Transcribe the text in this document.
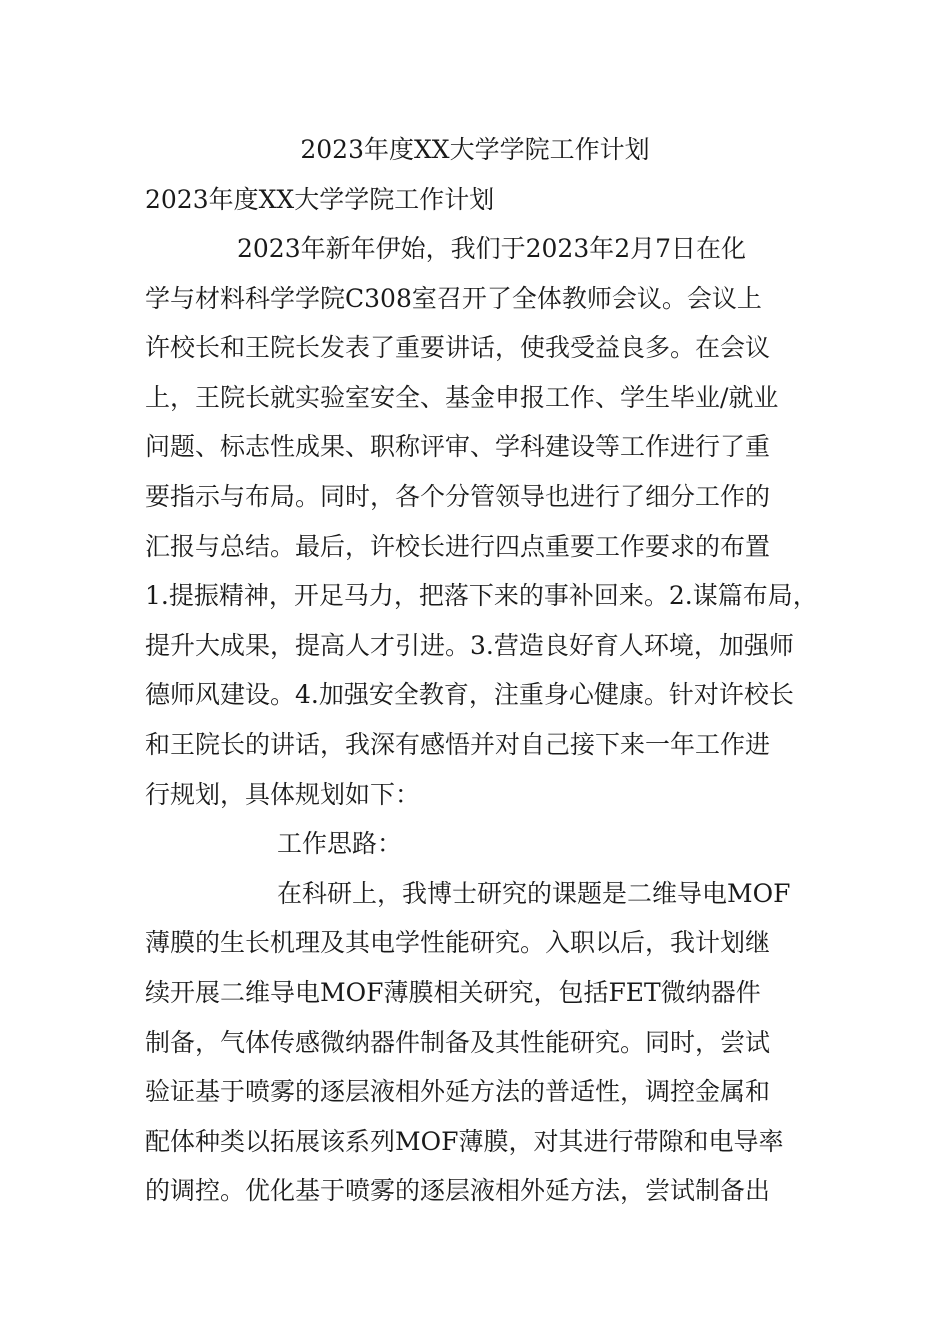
2023年度XX大学学院工作计划
2023年度XX大学学院工作计划
2023年新年伊始，我们于2023年2月7日在化
学与材料科学学院C308室召开了全体教师会议。会议上
许校长和王院长发表了重要讲话，使我受益良多。在会议
上，王院长就实验室安全、基金申报工作、学生毕业/就业
问题、标志性成果、职称评审、学科建设等工作进行了重
要指示与布局。同时，各个分管领导也进行了细分工作的
汇报与总结。最后，许校长进行四点重要工作要求的布置
1.提振精神，开足马力，把落下来的事补回来。2.谋篇布局，
提升大成果，提高人才引进。3.营造良好育人环境，加强师
德师风建设。4.加强安全教育，注重身心健康。针对许校长
和王院长的讲话，我深有感悟并对自己接下来一年工作进
行规划，具体规划如下：
工作思路：
在科研上，我博士研究的课题是二维导电MOF
薄膜的生长机理及其电学性能研究。入职以后，我计划继
续开展二维导电MOF薄膜相关研究，包括FET微纳器件
制备，气体传感微纳器件制备及其性能研究。同时，尝试
验证基于喷雾的逐层液相外延方法的普适性，调控金属和
配体种类以拓展该系列MOF薄膜，对其进行带隙和电导率
的调控。优化基于喷雾的逐层液相外延方法，尝试制备出
